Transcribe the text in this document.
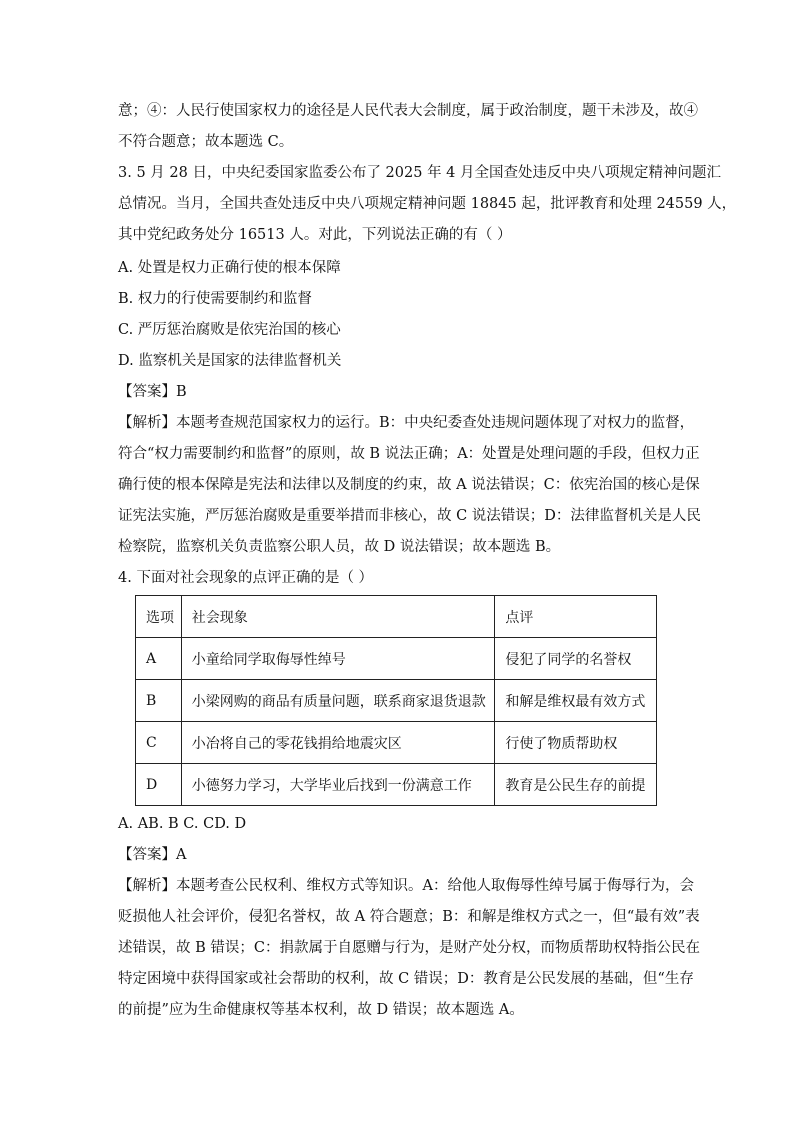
意；④：人民行使国家权力的途径是人民代表大会制度，属于政治制度，题干未涉及，故④
不符合题意；故本题选 C。
3. 5 月 28 日，中央纪委国家监委公布了 2025 年 4 月全国查处违反中央八项规定精神问题汇
总情况。当月，全国共查处违反中央八项规定精神问题 18845 起，批评教育和处理 24559 人，
其中党纪政务处分 16513 人。对此，下列说法正确的有（ ）
A. 处置是权力正确行使的根本保障
B. 权力的行使需要制约和监督
C. 严厉惩治腐败是依宪治国的核心
D. 监察机关是国家的法律监督机关
【答案】B
【解析】本题考查规范国家权力的运行。B：中央纪委查处违规问题体现了对权力的监督，
符合“权力需要制约和监督”的原则，故 B 说法正确；A：处置是处理问题的手段，但权力正
确行使的根本保障是宪法和法律以及制度的约束，故 A 说法错误；C：依宪治国的核心是保
证宪法实施，严厉惩治腐败是重要举措而非核心，故 C 说法错误；D：法律监督机关是人民
检察院，监察机关负责监察公职人员，故 D 说法错误；故本题选 B。
4. 下面对社会现象的点评正确的是（ ）
选项	社会现象	点评
A	小童给同学取侮辱性绰号	侵犯了同学的名誉权
B	小梁网购的商品有质量问题，联系商家退货退款	和解是维权最有效方式
C	小冶将自己的零花钱捐给地震灾区	行使了物质帮助权
D	小德努力学习，大学毕业后找到一份满意工作	教育是公民生存的前提
A. AB. B C. CD. D
【答案】A
【解析】本题考查公民权利、维权方式等知识。A：给他人取侮辱性绰号属于侮辱行为，会
贬损他人社会评价，侵犯名誉权，故 A 符合题意；B：和解是维权方式之一，但“最有效”表
述错误，故 B 错误；C：捐款属于自愿赠与行为，是财产处分权，而物质帮助权特指公民在
特定困境中获得国家或社会帮助的权利，故 C 错误；D：教育是公民发展的基础，但“生存
的前提”应为生命健康权等基本权利，故 D 错误；故本题选 A。
